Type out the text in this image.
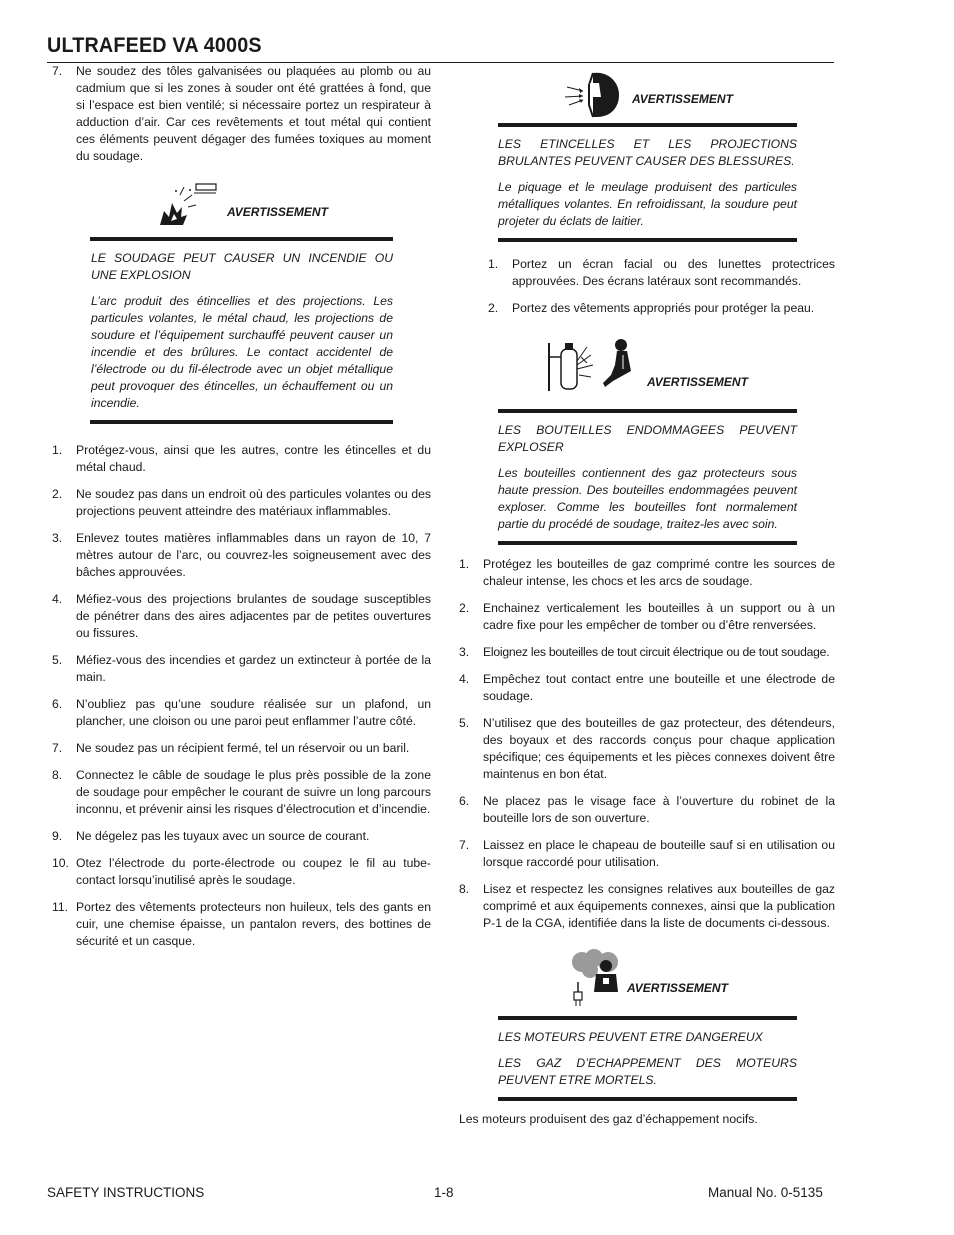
ULTRAFEED VA 4000S
7. Ne soudez des tôles galvanisées ou plaquées au plomb ou au cadmium que si les zones à souder ont été grattées à fond, que si l’espace est bien ventilé; si nécessaire portez un respirateur à adduction d’air. Car ces revêtements et tout métal qui contient ces éléments peuvent dégager des fumées toxiques au moment du soudage.
AVERTISSEMENT

LE SOUDAGE PEUT CAUSER UN INCENDIE OU UNE EXPLOSION

L’arc produit des étincellies et des projections. Les particules volantes, le métal chaud, les projections de soudure et l’équipement surchauffé peuvent causer un incendie et des brûlures. Le contact accidentel de l’électrode ou du fil-électrode avec un objet métallique peut provoquer des étincelles, un échauffement ou un incendie.

1. Protégez-vous, ainsi que les autres, contre les étincelles et du métal chaud.
2. Ne soudez pas dans un endroit où des particules volantes ou des projections peuvent atteindre des matériaux inflammables.
3. Enlevez toutes matières inflammables dans un rayon de 10, 7 mètres autour de l’arc, ou couvrez-les soigneusement avec des bâches approuvées.
4. Méfiez-vous des projections brulantes de soudage susceptibles de pénétrer dans des aires adjacentes par de petites ouvertures ou fissures.
5. Méfiez-vous des incendies et gardez un extincteur à portée de la main.
6. N’oubliez pas qu’une soudure réalisée sur un plafond, un plancher, une cloison ou une paroi peut enflammer l’autre côté.
7. Ne soudez pas un récipient fermé, tel un réservoir ou un baril.
8. Connectez le câble de soudage le plus près possible de la zone de soudage pour empêcher le courant de suivre un long parcours inconnu, et prévenir ainsi les risques d’électrocution et d’incendie.
9. Ne dégelez pas les tuyaux avec un source de courant.
10. Otez l’électrode du porte-électrode ou coupez le fil au tube-contact lorsqu’inutilisé après le soudage.
11. Portez des vêtements protecteurs non huileux, tels des gants en cuir, une chemise épaisse, un pantalon revers, des bottines de sécurité et un casque.
AVERTISSEMENT

LES ETINCELLES ET LES PROJECTIONS BRULANTES PEUVENT CAUSER DES BLESSURES.

Le piquage et le meulage produisent des particules métalliques volantes. En refroidissant, la soudure peut projeter du éclats de laitier.

1. Portez un écran facial ou des lunettes protectrices approuvées. Des écrans latéraux sont recommandés.
2. Portez des vêtements appropriés pour protéger la peau.
AVERTISSEMENT

LES BOUTEILLES ENDOMMAGEES PEUVENT EXPLOSER

Les bouteilles contiennent des gaz protecteurs sous haute pression. Des bouteilles endommagées peuvent exploser. Comme les bouteilles font normalement partie du procédé de soudage, traitez-les avec soin.

1. Protégez les bouteilles de gaz comprimé contre les sources de chaleur intense, les chocs et les arcs de soudage.
2. Enchainez verticalement les bouteilles à un support ou à un cadre fixe pour les empêcher de tomber ou d’être renversées.
3. Eloignez les bouteilles de tout circuit électrique ou de tout soudage.
4. Empêchez tout contact entre une bouteille et une électrode de soudage.
5. N’utilisez que des bouteilles de gaz protecteur, des détendeurs, des boyaux et des raccords conçus pour chaque application spécifique; ces équipements et les pièces connexes doivent être maintenus en bon état.
6. Ne placez pas le visage face à l’ouverture du robinet de la bouteille lors de son ouverture.
7. Laissez en place le chapeau de bouteille sauf si en utilisation ou lorsque raccordé pour utilisation.
8. Lisez et respectez les consignes relatives aux bouteilles de gaz comprimé et aux équipements connexes, ainsi que la publication P-1 de la CGA, identifiée dans la liste de documents ci-dessous.
AVERTISSEMENT

LES MOTEURS PEUVENT ETRE DANGEREUX

LES GAZ D’ECHAPPEMENT DES MOTEURS PEUVENT ETRE MORTELS.

Les moteurs produisent des gaz d’échappement nocifs.

SAFETY INSTRUCTIONS	1-8	Manual No. 0-5135
